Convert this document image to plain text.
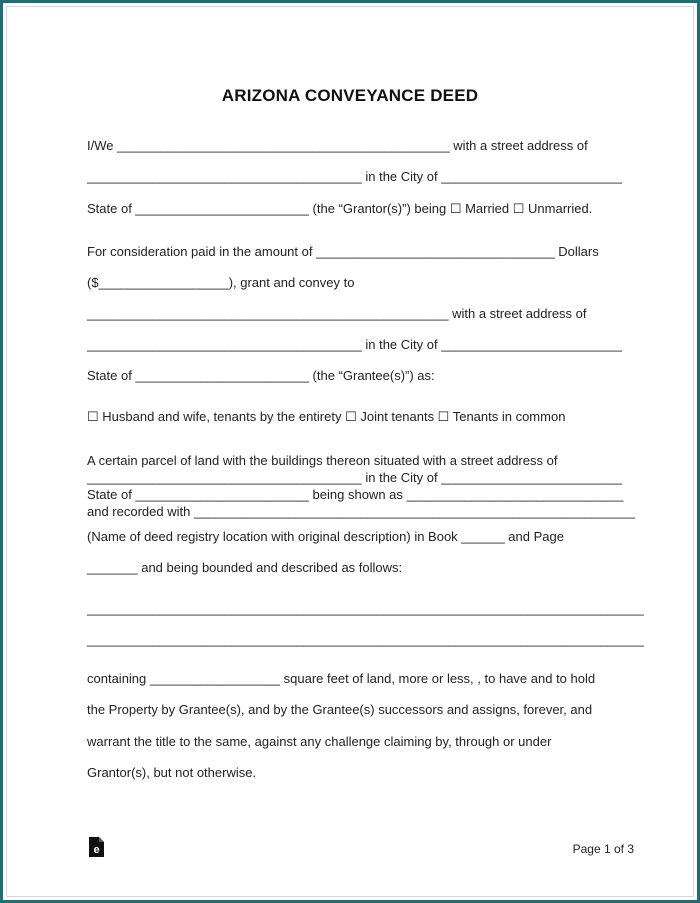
ARIZONA CONVEYANCE DEED
I/We ______________________________________________ with a street address of
______________________________________ in the City of _________________________
State of ________________________ (the “Grantor(s)”) being ☐ Married ☐ Unmarried.
For consideration paid in the amount of _________________________________ Dollars
($__________________), grant and convey to
__________________________________________________ with a street address of
______________________________________ in the City of _________________________
State of ________________________ (the “Grantee(s)”) as:
☐ Husband and wife, tenants by the entirety ☐ Joint tenants ☐ Tenants in common
A certain parcel of land with the buildings thereon situated with a street address of
______________________________________ in the City of _________________________
State of ________________________ being shown as ______________________________
and recorded with _____________________________________________________________
(Name of deed registry location with original description) in Book ______ and Page
_______ and being bounded and described as follows:
_____________________________________________________________________________
_____________________________________________________________________________
containing __________________ square feet of land, more or less, , to have and to hold
the Property by Grantee(s), and by the Grantee(s) successors and assigns, forever, and
warrant the title to the same, against any challenge claiming by, through or under
Grantor(s), but not otherwise.
e	Page 1 of 3
